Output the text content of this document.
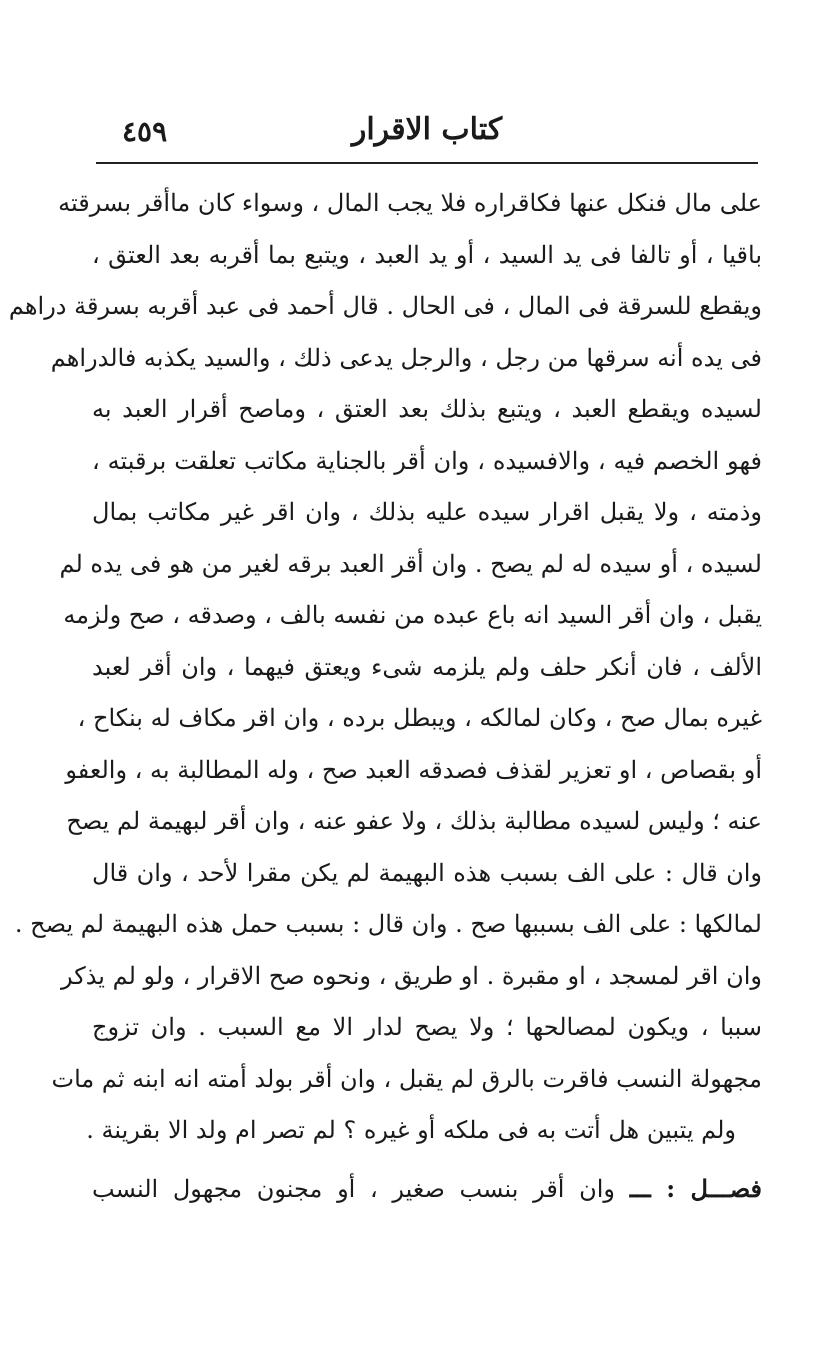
كتاب الاقرار
٤٥٩
على مال فنكل عنها فكاقراره فلا يجب المال ، وسواء كان ماأقر بسرقته
باقيا ، أو تالفا فى يد السيد ، أو يد العبد ، ويتبع بما أقربه بعد العتق ،
ويقطع للسرقة فى المال ، فى الحال . قال أحمد فى عبد أقربه بسرقة دراهم
فى يده أنه سرقها من رجل ، والرجل يدعى ذلك ، والسيد يكذبه فالدراهم
لسيده ويقطع العبد ، ويتبع بذلك بعد العتق ، وماصح أقرار العبد به
فهو الخصم فيه ، والافسيده ، وان أقر بالجناية مكاتب تعلقت برقبته ،
وذمته ، ولا يقبل اقرار سيده عليه بذلك ، وان اقر غير مكاتب بمال
لسيده ، أو سيده له لم يصح . وان أقر العبد برقه لغير من هو فى يده لم
يقبل ، وان أقر السيد انه باع عبده من نفسه بالف ، وصدقه ، صح ولزمه
الألف ، فان أنكر حلف ولم يلزمه شىء ويعتق فيهما ، وان أقر لعبد
غيره بمال صح ، وكان لمالكه ، ويبطل برده ، وان اقر مكاف له بنكاح ،
أو بقصاص ، او تعزير لقذف فصدقه العبد صح ، وله المطالبة به ، والعفو
عنه ؛ وليس لسيده مطالبة بذلك ، ولا عفو عنه ، وان أقر لبهيمة لم يصح
وان قال : على الف بسبب هذه البهيمة لم يكن مقرا لأحد ، وان قال
لمالكها : على الف بسببها صح . وان قال : بسبب حمل هذه البهيمة لم يصح .
وان اقر لمسجد ، او مقبرة . او طريق ، ونحوه صح الاقرار ، ولو لم يذكر
سببا ، ويكون لمصالحها ؛ ولا يصح لدار الا مع السبب . وان تزوج
مجهولة النسب فاقرت بالرق لم يقبل ، وان أقر بولد أمته انه ابنه ثم مات
ولم يتبين هل أتت به فى ملكه أو غيره ؟ لم تصر ام ولد الا بقرينة .
فصـــل : ـــ وان أقر بنسب صغير ، أو مجنون مجهول النسب
